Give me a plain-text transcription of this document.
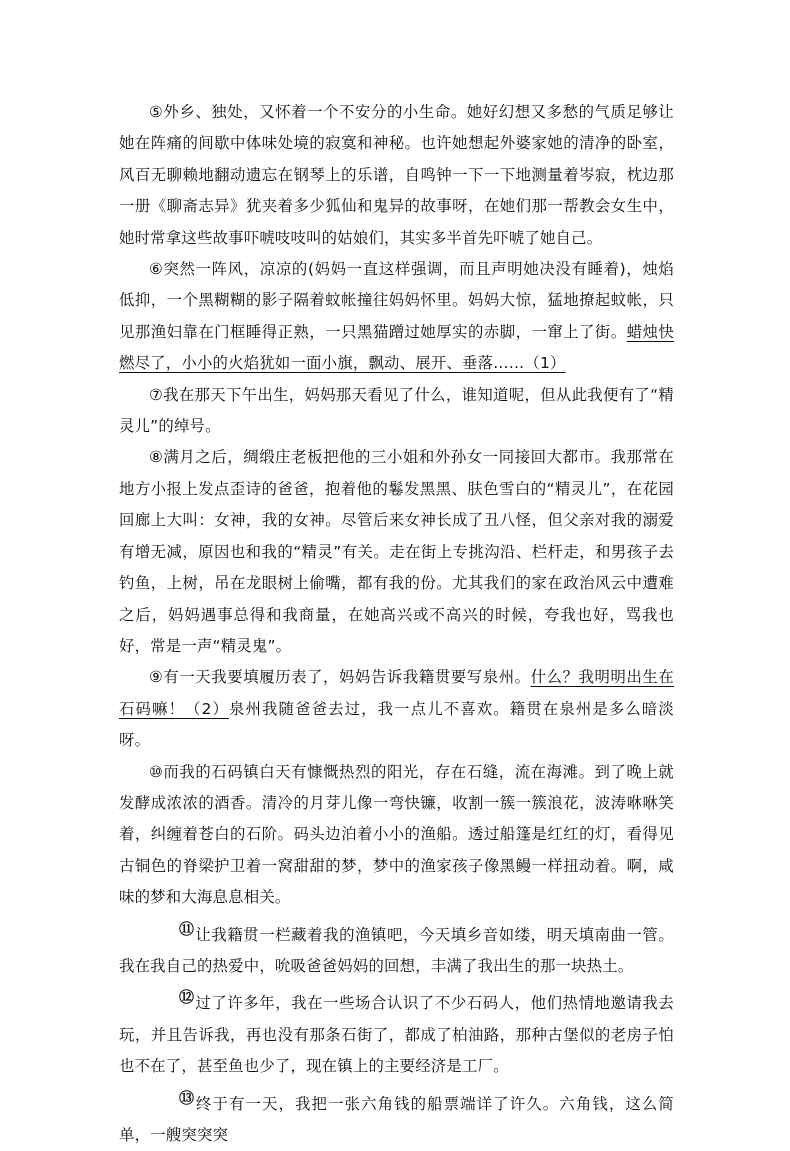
⑤外乡、独处，又怀着一个不安分的小生命。她好幻想又多愁的气质足够让她在阵痛的间歇中体味处境的寂寞和神秘。也许她想起外婆家她的清净的卧室，风百无聊赖地翻动遗忘在钢琴上的乐谱，自鸣钟一下一下地测量着岑寂，枕边那一册《聊斋志异》犹夹着多少狐仙和鬼异的故事呀，在她们那一帮教会女生中，她时常拿这些故事吓唬吱吱叫的姑娘们，其实多半首先吓唬了她自己。

⑥突然一阵风，凉凉的(妈妈一直这样强调，而且声明她决没有睡着)，烛焰低抑，一个黑糊糊的影子隔着蚊帐撞往妈妈怀里。妈妈大惊，猛地撩起蚊帐，只见那渔妇靠在门框睡得正熟，一只黑猫蹭过她厚实的赤脚，一窜上了街。蜡烛快燃尽了，小小的火焰犹如一面小旗，飘动、展开、垂落……（1）

⑦我在那天下午出生，妈妈那天看见了什么，谁知道呢，但从此我便有了“精灵儿”的绰号。

⑧满月之后，绸缎庄老板把他的三小姐和外孙女一同接回大都市。我那常在地方小报上发点歪诗的爸爸，抱着他的鬈发黑黑、肤色雪白的“精灵儿”，在花园回廊上大叫：女神，我的女神。尽管后来女神长成了丑八怪，但父亲对我的溺爱有增无减，原因也和我的“精灵”有关。走在街上专挑沟沿、栏杆走，和男孩子去钓鱼，上树，吊在龙眼树上偷嘴，都有我的份。尤其我们的家在政治风云中遭难之后，妈妈遇事总得和我商量，在她高兴或不高兴的时候，夸我也好，骂我也好，常是一声“精灵鬼”。

⑨有一天我要填履历表了，妈妈告诉我籍贯要写泉州。什么？我明明出生在石码嘛！（2）泉州我随爸爸去过，我一点儿不喜欢。籍贯在泉州是多么暗淡呀。

⑩而我的石码镇白天有慷慨热烈的阳光，存在石缝，流在海滩。到了晚上就发酵成浓浓的酒香。清冷的月芽儿像一弯快镰，收割一簇一簇浪花，波涛咻咻笑着，纠缠着苍白的石阶。码头边泊着小小的渔船。透过船篷是红红的灯，看得见古铜色的脊梁护卫着一窝甜甜的梦，梦中的渔家孩子像黑鳗一样扭动着。啊，咸味的梦和大海息息相关。

⑪ 让我籍贯一栏藏着我的渔镇吧，今天填乡音如缕，明天填南曲一管。我在我自己的热爱中，吮吸爸爸妈妈的回想，丰满了我出生的那一块热土。

⑫ 过了许多年，我在一些场合认识了不少石码人，他们热情地邀请我去玩，并且告诉我，再也没有那条石街了，都成了柏油路，那种古堡似的老房子怕也不在了，甚至鱼也少了，现在镇上的主要经济是工厂。

⑬ 终于有一天，我把一张六角钱的船票端详了许久。六角钱，这么简单，一艘突突突
